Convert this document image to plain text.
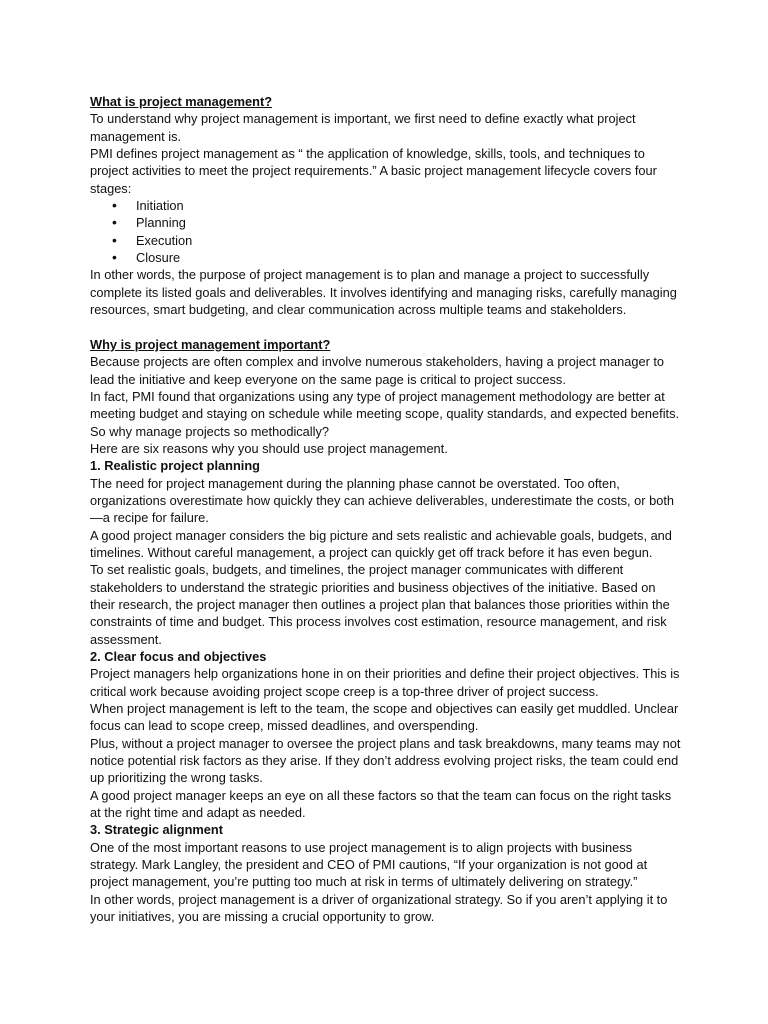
What is project management?

To understand why project management is important, we first need to define exactly what project management is.

PMI defines project management as “ the application of knowledge, skills, tools, and techniques to project activities to meet the project requirements.” A basic project management lifecycle covers four stages:

• Initiation
• Planning
• Execution
• Closure

In other words, the purpose of project management is to plan and manage a project to successfully complete its listed goals and deliverables. It involves identifying and managing risks, carefully managing resources, smart budgeting, and clear communication across multiple teams and stakeholders.

Why is project management important?

Because projects are often complex and involve numerous stakeholders, having a project manager to lead the initiative and keep everyone on the same page is critical to project success.

In fact, PMI found that organizations using any type of project management methodology are better at meeting budget and staying on schedule while meeting scope, quality standards, and expected benefits.

So why manage projects so methodically?

Here are six reasons why you should use project management.

1. Realistic project planning

The need for project management during the planning phase cannot be overstated. Too often, organizations overestimate how quickly they can achieve deliverables, underestimate the costs, or both —a recipe for failure.

A good project manager considers the big picture and sets realistic and achievable goals, budgets, and timelines. Without careful management, a project can quickly get off track before it has even begun.

To set realistic goals, budgets, and timelines, the project manager communicates with different stakeholders to understand the strategic priorities and business objectives of the initiative. Based on their research, the project manager then outlines a project plan that balances those priorities within the constraints of time and budget. This process involves cost estimation, resource management, and risk assessment.

2. Clear focus and objectives

Project managers help organizations hone in on their priorities and define their project objectives. This is critical work because avoiding project scope creep is a top-three driver of project success.

When project management is left to the team, the scope and objectives can easily get muddled. Unclear focus can lead to scope creep, missed deadlines, and overspending.

Plus, without a project manager to oversee the project plans and task breakdowns, many teams may not notice potential risk factors as they arise. If they don’t address evolving project risks, the team could end up prioritizing the wrong tasks.

A good project manager keeps an eye on all these factors so that the team can focus on the right tasks at the right time and adapt as needed.

3. Strategic alignment

One of the most important reasons to use project management is to align projects with business strategy. Mark Langley, the president and CEO of PMI cautions, “If your organization is not good at project management, you’re putting too much at risk in terms of ultimately delivering on strategy.”

In other words, project management is a driver of organizational strategy. So if you aren’t applying it to your initiatives, you are missing a crucial opportunity to grow.
